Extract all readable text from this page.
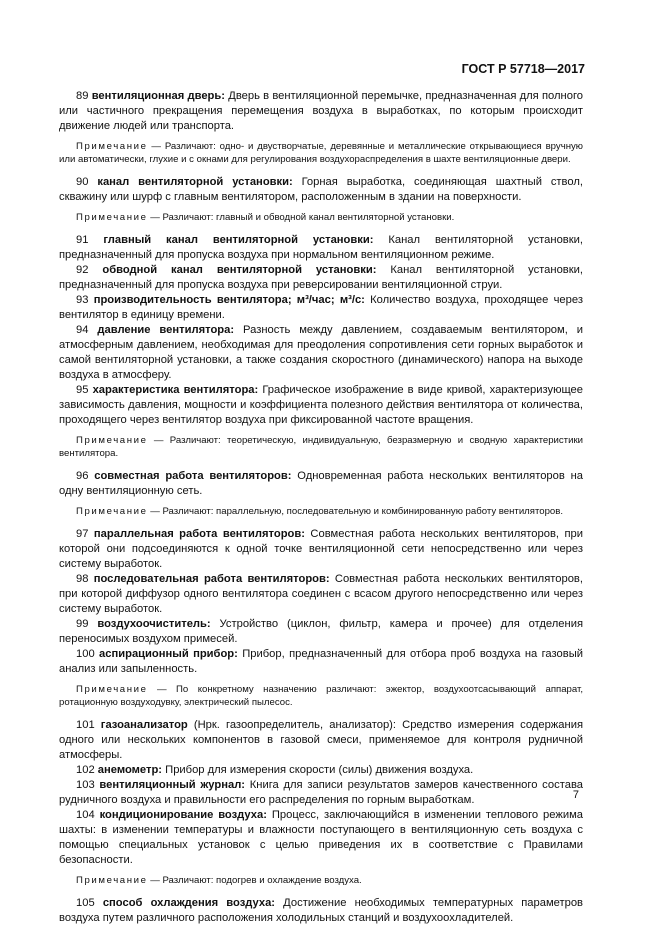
ГОСТ Р 57718—2017

89 вентиляционная дверь: Дверь в вентиляционной перемычке, предназначенная для полного или частичного прекращения перемещения воздуха в выработках, по которым происходит движение людей или транспорта.

Примечание — Различают: одно- и двустворчатые, деревянные и металлические открывающиеся вручную или автоматически, глухие и с окнами для регулирования воздухораспределения в шахте вентиляционные двери.

90 канал вентиляторной установки: Горная выработка, соединяющая шахтный ствол, скважину или шурф с главным вентилятором, расположенным в здании на поверхности.

Примечание — Различают: главный и обводной канал вентиляторной установки.

91 главный канал вентиляторной установки: Канал вентиляторной установки, предназначенный для пропуска воздуха при нормальном вентиляционном режиме.

92 обводной канал вентиляторной установки: Канал вентиляторной установки, предназначенный для пропуска воздуха при реверсировании вентиляционной струи.

93 производительность вентилятора; м³/час; м³/с: Количество воздуха, проходящее через вентилятор в единицу времени.

94 давление вентилятора: Разность между давлением, создаваемым вентилятором, и атмосферным давлением, необходимая для преодоления сопротивления сети горных выработок и самой вентиляторной установки, а также создания скоростного (динамического) напора на выходе воздуха в атмосферу.

95 характеристика вентилятора: Графическое изображение в виде кривой, характеризующее зависимость давления, мощности и коэффициента полезного действия вентилятора от количества, проходящего через вентилятор воздуха при фиксированной частоте вращения.

Примечание — Различают: теоретическую, индивидуальную, безразмерную и сводную характеристики вентилятора.

96 совместная работа вентиляторов: Одновременная работа нескольких вентиляторов на одну вентиляционную сеть.

Примечание — Различают: параллельную, последовательную и комбинированную работу вентиляторов.

97 параллельная работа вентиляторов: Совместная работа нескольких вентиляторов, при которой они подсоединяются к одной точке вентиляционной сети непосредственно или через систему выработок.

98 последовательная работа вентиляторов: Совместная работа нескольких вентиляторов, при которой диффузор одного вентилятора соединен с всасом другого непосредственно или через систему выработок.

99 воздухоочиститель: Устройство (циклон, фильтр, камера и прочее) для отделения переносимых воздухом примесей.

100 аспирационный прибор: Прибор, предназначенный для отбора проб воздуха на газовый анализ или запыленность.

Примечание — По конкретному назначению различают: эжектор, воздухоотсасывающий аппарат, ротационную воздуходувку, электрический пылесос.

101 газоанализатор (Нрк. газоопределитель, анализатор): Средство измерения содержания одного или нескольких компонентов в газовой смеси, применяемое для контроля рудничной атмосферы.

102 анемометр: Прибор для измерения скорости (силы) движения воздуха.

103 вентиляционный журнал: Книга для записи результатов замеров качественного состава рудничного воздуха и правильности его распределения по горным выработкам.

104 кондиционирование воздуха: Процесс, заключающийся в изменении теплового режима шахты: в изменении температуры и влажности поступающего в вентиляционную сеть воздуха с помощью специальных установок с целью приведения их в соответствие с Правилами безопасности.

Примечание — Различают: подогрев и охлаждение воздуха.

105 способ охлаждения воздуха: Достижение необходимых температурных параметров воздуха путем различного расположения холодильных станций и воздухоохладителей.

7
